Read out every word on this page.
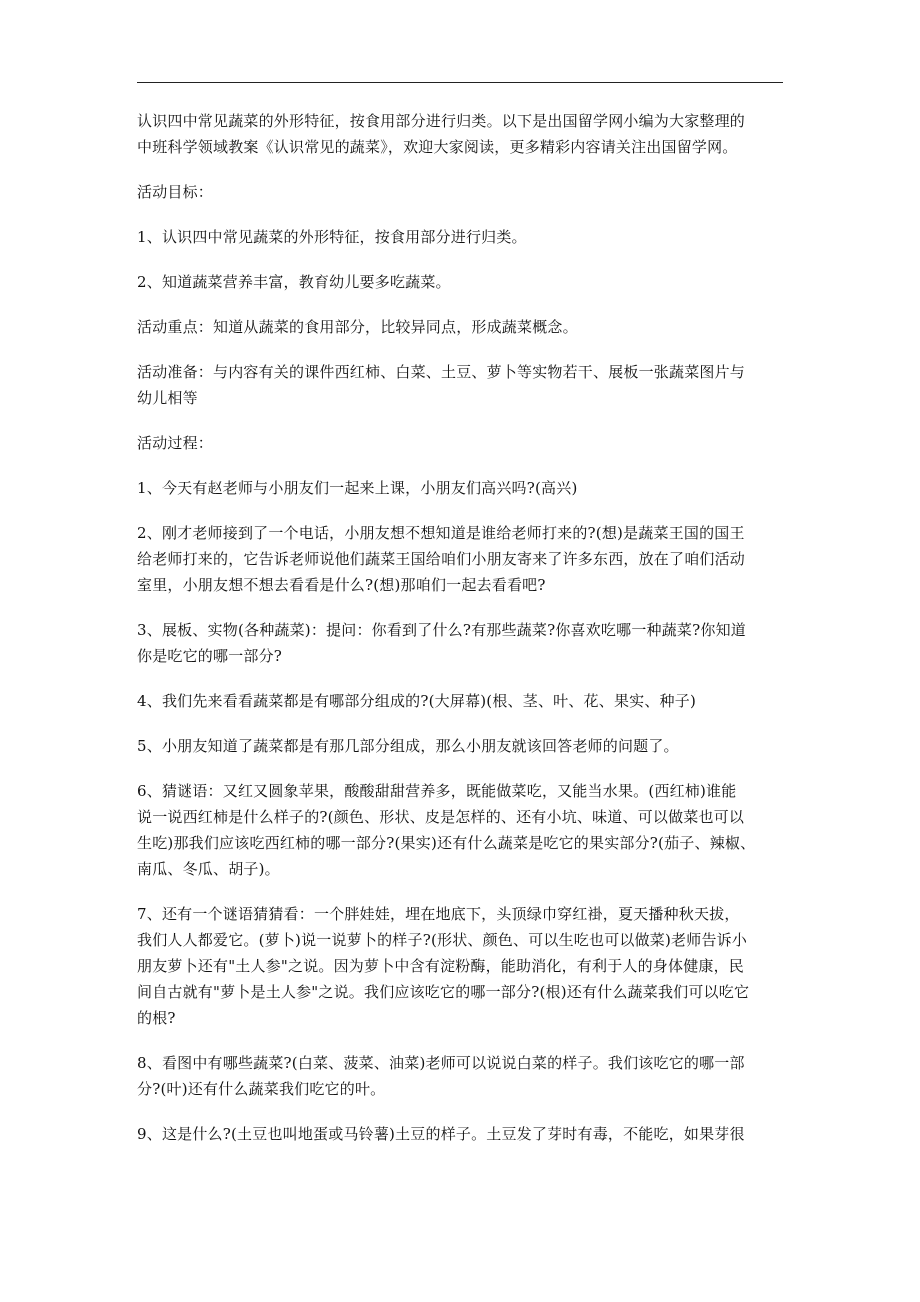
认识四中常见蔬菜的外形特征，按食用部分进行归类。以下是出国留学网小编为大家整理的
中班科学领域教案《认识常见的蔬菜》，欢迎大家阅读，更多精彩内容请关注出国留学网。

活动目标：

1、认识四中常见蔬菜的外形特征，按食用部分进行归类。

2、知道蔬菜营养丰富，教育幼儿要多吃蔬菜。

活动重点：知道从蔬菜的食用部分，比较异同点，形成蔬菜概念。

活动准备：与内容有关的课件西红柿、白菜、土豆、萝卜等实物若干、展板一张蔬菜图片与
幼儿相等

活动过程：

1、今天有赵老师与小朋友们一起来上课，小朋友们高兴吗?(高兴)

2、刚才老师接到了一个电话，小朋友想不想知道是谁给老师打来的?(想)是蔬菜王国的国王
给老师打来的，它告诉老师说他们蔬菜王国给咱们小朋友寄来了许多东西，放在了咱们活动
室里，小朋友想不想去看看是什么?(想)那咱们一起去看看吧?

3、展板、实物(各种蔬菜)：提问：你看到了什么?有那些蔬菜?你喜欢吃哪一种蔬菜?你知道
你是吃它的哪一部分?

4、我们先来看看蔬菜都是有哪部分组成的?(大屏幕)(根、茎、叶、花、果实、种子)

5、小朋友知道了蔬菜都是有那几部分组成，那么小朋友就该回答老师的问题了。

6、猜谜语：又红又圆象苹果，酸酸甜甜营养多，既能做菜吃，又能当水果。(西红柿)谁能
说一说西红柿是什么样子的?(颜色、形状、皮是怎样的、还有小坑、味道、可以做菜也可以
生吃)那我们应该吃西红柿的哪一部分?(果实)还有什么蔬菜是吃它的果实部分?(茄子、辣椒、
南瓜、冬瓜、胡子)。

7、还有一个谜语猜猜看：一个胖娃娃，埋在地底下，头顶绿巾穿红褂，夏天播种秋天拔，
我们人人都爱它。(萝卜)说一说萝卜的样子?(形状、颜色、可以生吃也可以做菜)老师告诉小
朋友萝卜还有"土人参"之说。因为萝卜中含有淀粉酶，能助消化，有利于人的身体健康，民
间自古就有"萝卜是土人参"之说。我们应该吃它的哪一部分?(根)还有什么蔬菜我们可以吃它
的根?

8、看图中有哪些蔬菜?(白菜、菠菜、油菜)老师可以说说白菜的样子。我们该吃它的哪一部
分?(叶)还有什么蔬菜我们吃它的叶。

9、这是什么?(土豆也叫地蛋或马铃薯)土豆的样子。土豆发了芽时有毒，不能吃，如果芽很
